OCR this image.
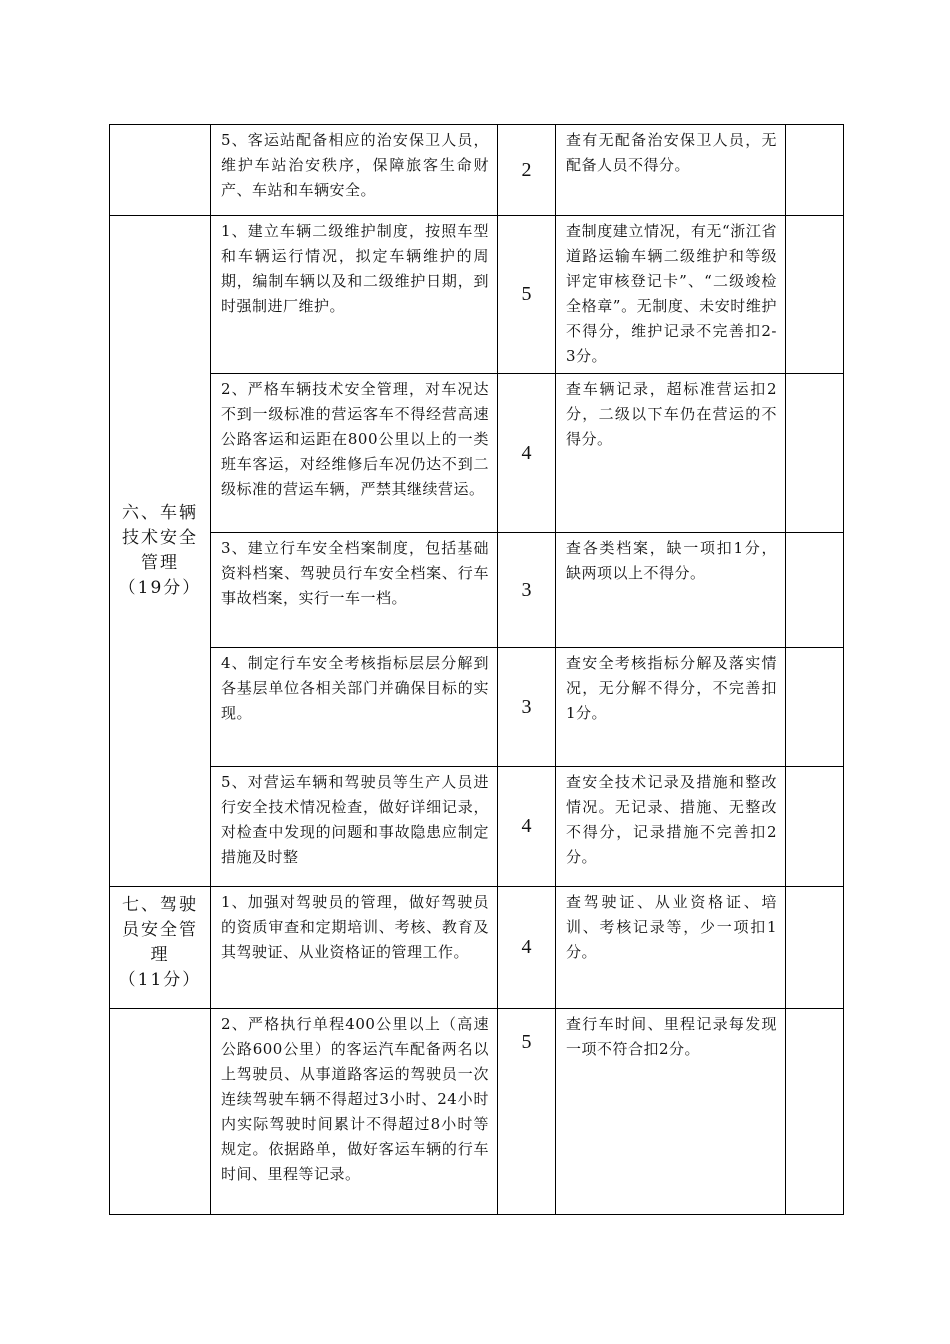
	5、客运站配备相应的治安保卫人员，维护车站治安秩序，保障旅客生命财产、车站和车辆安全。	2	查有无配备治安保卫人员，无配备人员不得分。	

六、车辆
技术安全
管理
（19分）	1、建立车辆二级维护制度，按照车型和车辆运行情况，拟定车辆维护的周期，编制车辆以及和二级维护日期，到时强制进厂维护。	5	查制度建立情况，有无“浙江省道路运输车辆二级维护和等级评定审核登记卡”、“二级竣检全格章”。无制度、未安时维护不得分，维护记录不完善扣2-3分。	
	2、严格车辆技术安全管理，对车况达不到一级标准的营运客车不得经营高速公路客运和运距在800公里以上的一类班车客运，对经维修后车况仍达不到二级标准的营运车辆，严禁其继续营运。	4	查车辆记录，超标准营运扣2分，二级以下车仍在营运的不得分。	
	3、建立行车安全档案制度，包括基础资料档案、驾驶员行车安全档案、行车事故档案，实行一车一档。	3	查各类档案，缺一项扣1分，缺两项以上不得分。	
	4、制定行车安全考核指标层层分解到各基层单位各相关部门并确保目标的实现。	3	查安全考核指标分解及落实情况，无分解不得分，不完善扣1分。	
	5、对营运车辆和驾驶员等生产人员进行安全技术情况检查，做好详细记录，对检查中发现的问题和事故隐患应制定措施及时整	4	查安全技术记录及措施和整改情况。无记录、措施、无整改不得分，记录措施不完善扣2分。	

七、驾驶
员安全管
理
（11分）	1、加强对驾驶员的管理，做好驾驶员的资质审查和定期培训、考核、教育及其驾驶证、从业资格证的管理工作。	4	查驾驶证、从业资格证、培训、考核记录等，少一项扣1分。	
	2、严格执行单程400公里以上（高速公路600公里）的客运汽车配备两名以上驾驶员、从事道路客运的驾驶员一次连续驾驶车辆不得超过3小时、24小时内实际驾驶时间累计不得超过8小时等规定。依据路单，做好客运车辆的行车时间、里程等记录。	5	查行车时间、里程记录每发现一项不符合扣2分。	
